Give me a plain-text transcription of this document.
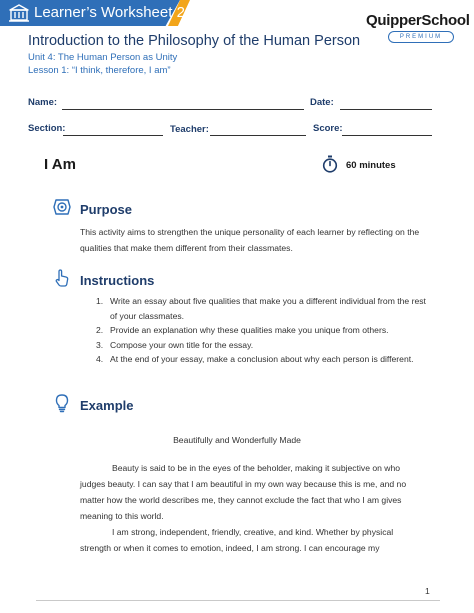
Learner’s Worksheet 2	QuipperSchool
PREMIUM
Introduction to the Philosophy of the Human Person
Unit 4: The Human Person as Unity
Lesson 1: “I think, therefore, I am”
Name:	Date:
Section:	Teacher:	Score:
I Am	60 minutes
Purpose
This activity aims to strengthen the unique personality of each learner by reflecting on the qualities that make them different from their classmates.
Instructions
1. Write an essay about five qualities that make you a different individual from the rest of your classmates.
2. Provide an explanation why these qualities make you unique from others.
3. Compose your own title for the essay.
4. At the end of your essay, make a conclusion about why each person is different.
Example
Beautifully and Wonderfully Made
Beauty is said to be in the eyes of the beholder, making it subjective on who judges beauty. I can say that I am beautiful in my own way because this is me, and no matter how the world describes me, they cannot exclude the fact that who I am gives meaning to this world.
I am strong, independent, friendly, creative, and kind. Whether by physical strength or when it comes to emotion, indeed, I am strong. I can encourage my
1
